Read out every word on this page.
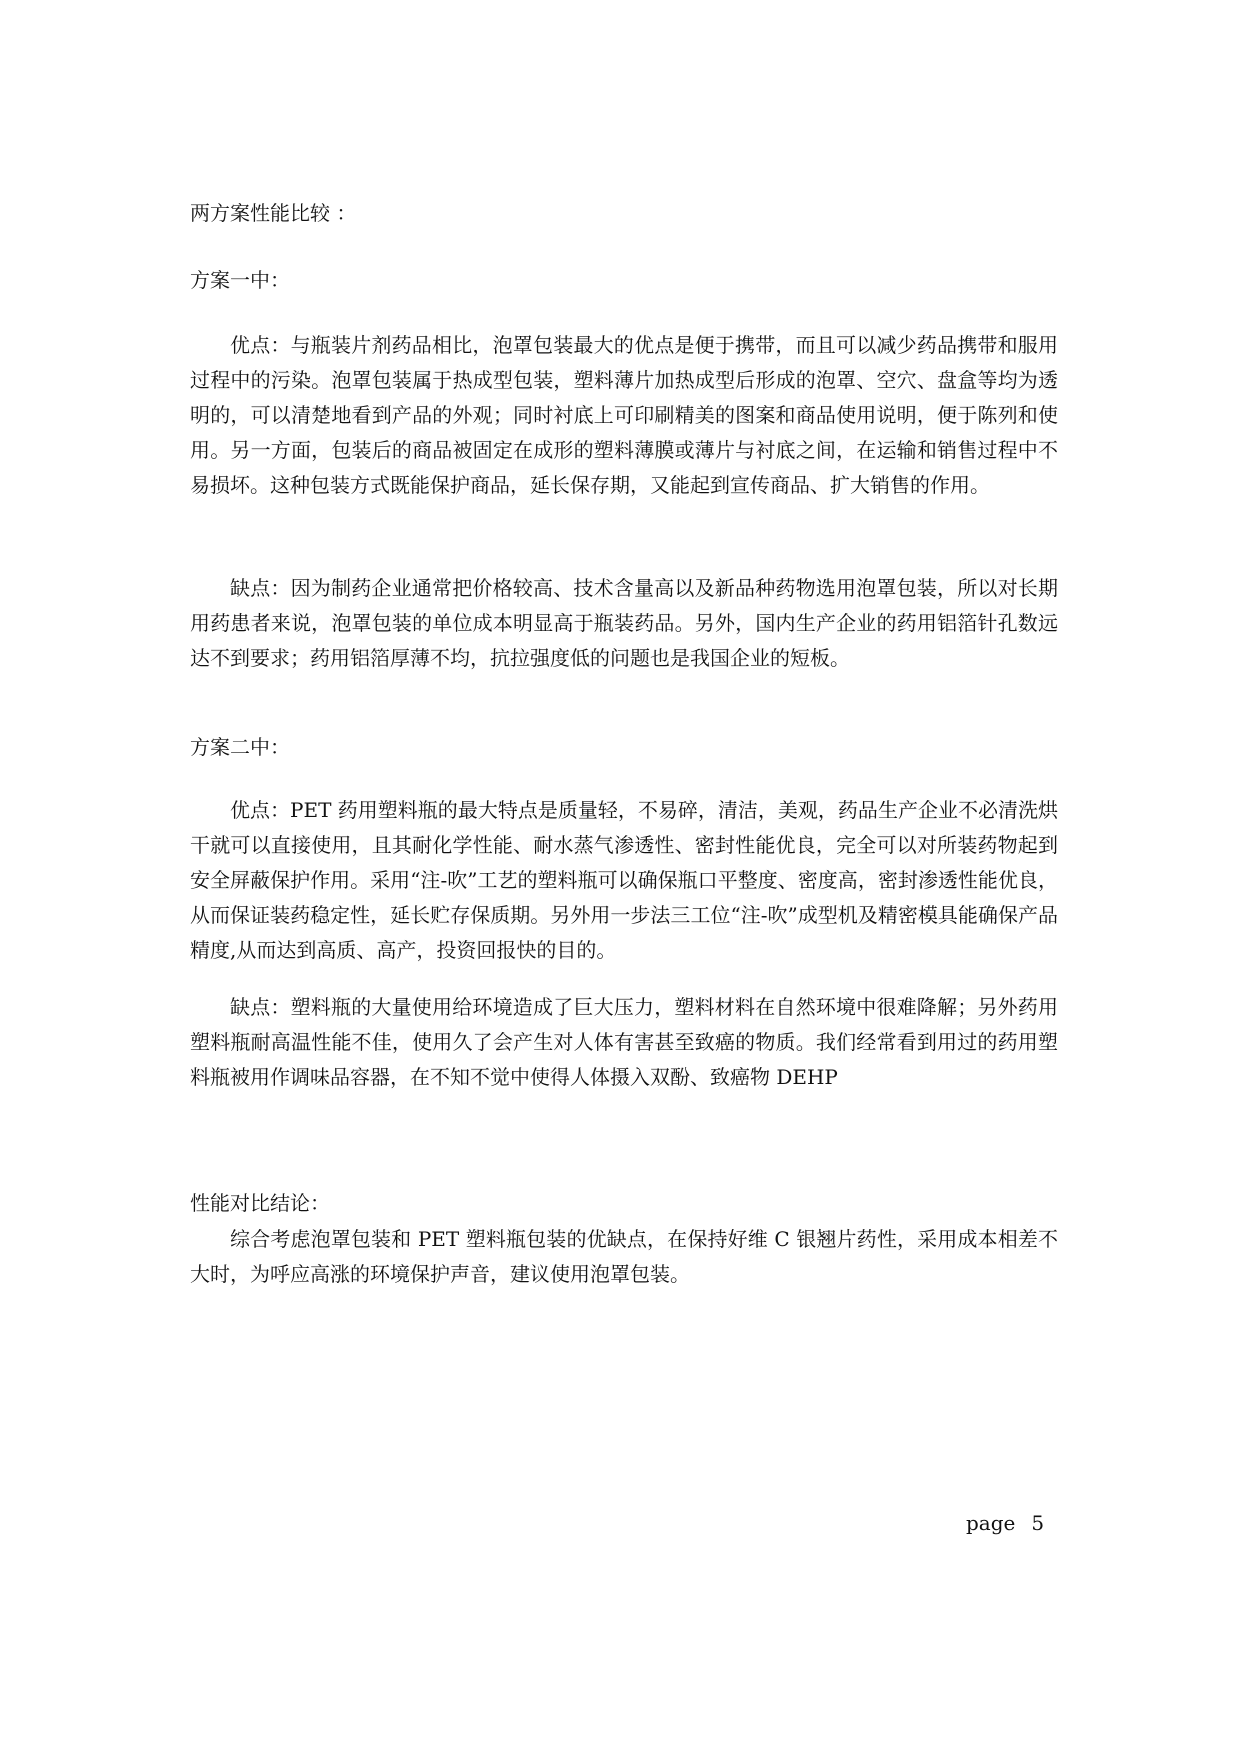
两方案性能比较 ：
方案一中：
优点：与瓶装片剂药品相比，泡罩包装最大的优点是便于携带，而且可以减少药品携带和服用过程中的污染。泡罩包装属于热成型包装，塑料薄片加热成型后形成的泡罩、空穴、盘盒等均为透明的，可以清楚地看到产品的外观；同时衬底上可印刷精美的图案和商品使用说明，便于陈列和使用。另一方面，包装后的商品被固定在成形的塑料薄膜或薄片与衬底之间，在运输和销售过程中不易损坏。这种包装方式既能保护商品，延长保存期，又能起到宣传商品、扩大销售的作用。
缺点：因为制药企业通常把价格较高、技术含量高以及新品种药物选用泡罩包装，所以对长期用药患者来说，泡罩包装的单位成本明显高于瓶装药品。另外，国内生产企业的药用铝箔针孔数远达不到要求；药用铝箔厚薄不均，抗拉强度低的问题也是我国企业的短板。
方案二中：
优点：PET 药用塑料瓶的最大特点是质量轻，不易碎，清洁，美观，药品生产企业不必清洗烘干就可以直接使用，且其耐化学性能、耐水蒸气渗透性、密封性能优良，完全可以对所装药物起到安全屏蔽保护作用。采用“注-吹”工艺的塑料瓶可以确保瓶口平整度、密度高，密封渗透性能优良，从而保证装药稳定性，延长贮存保质期。另外用一步法三工位“注-吹”成型机及精密模具能确保产品精度,从而达到高质、高产，投资回报快的目的。
缺点：塑料瓶的大量使用给环境造成了巨大压力，塑料材料在自然环境中很难降解；另外药用塑料瓶耐高温性能不佳，使用久了会产生对人体有害甚至致癌的物质。我们经常看到用过的药用塑料瓶被用作调味品容器，在不知不觉中使得人体摄入双酚、致癌物 DEHP
性能对比结论：
综合考虑泡罩包装和 PET 塑料瓶包装的优缺点，在保持好维 C 银翘片药性，采用成本相差不大时，为呼应高涨的环境保护声音，建议使用泡罩包装。
page 5
